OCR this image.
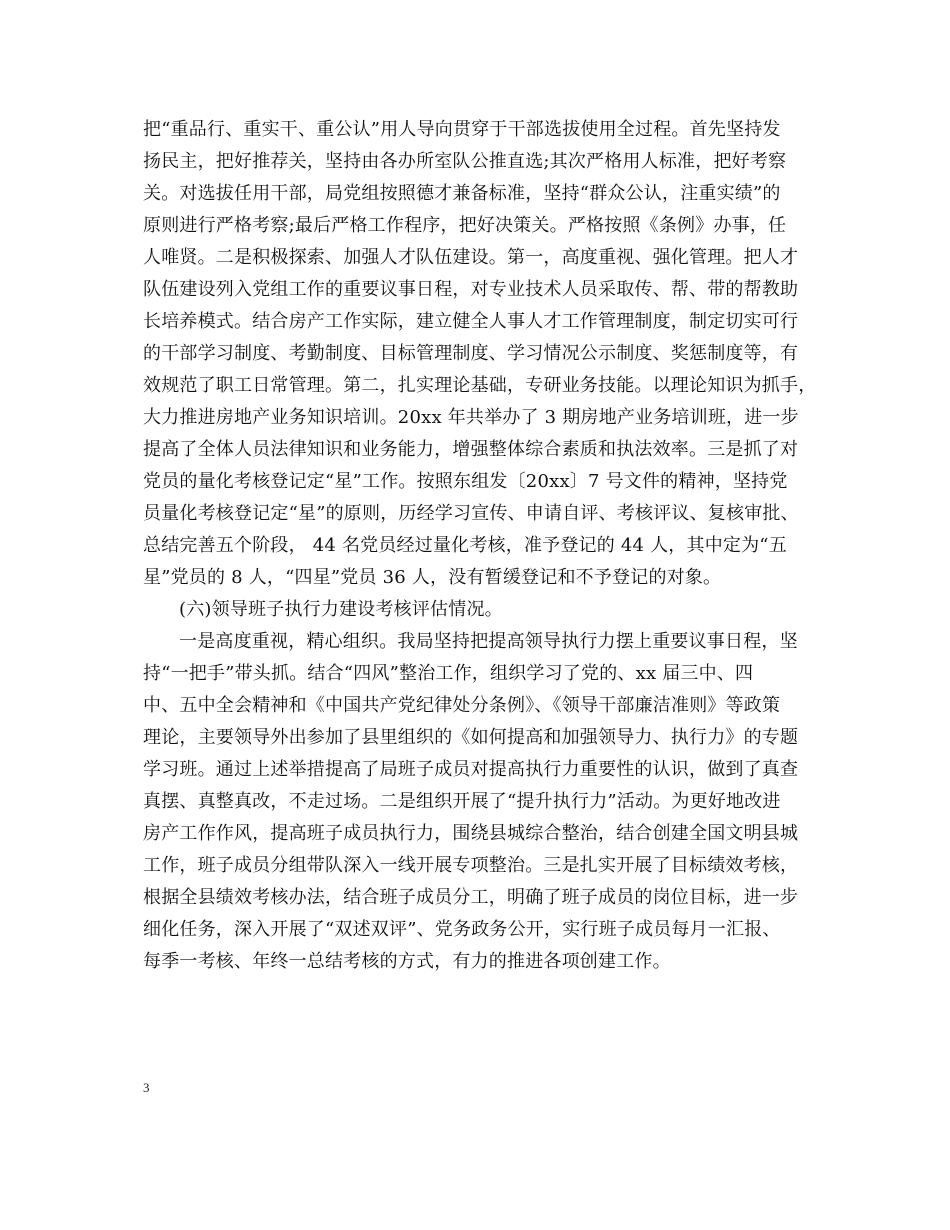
把“重品行、重实干、重公认”用人导向贯穿于干部选拔使用全过程。首先坚持发
扬民主，把好推荐关，坚持由各办所室队公推直选;其次严格用人标准，把好考察
关。对选拔任用干部，局党组按照德才兼备标准，坚持“群众公认，注重实绩”的
原则进行严格考察;最后严格工作程序，把好决策关。严格按照《条例》办事，任
人唯贤。二是积极探索、加强人才队伍建设。第一，高度重视、强化管理。把人才
队伍建设列入党组工作的重要议事日程，对专业技术人员采取传、帮、带的帮教助
长培养模式。结合房产工作实际，建立健全人事人才工作管理制度，制定切实可行
的干部学习制度、考勤制度、目标管理制度、学习情况公示制度、奖惩制度等，有
效规范了职工日常管理。第二，扎实理论基础，专研业务技能。以理论知识为抓手，
大力推进房地产业务知识培训。20xx 年共举办了 3 期房地产业务培训班，进一步
提高了全体人员法律知识和业务能力，增强整体综合素质和执法效率。三是抓了对
党员的量化考核登记定“星”工作。按照东组发〔20xx〕7 号文件的精神，坚持党
员量化考核登记定“星”的原则，历经学习宣传、申请自评、考核评议、复核审批、
总结完善五个阶段， 44 名党员经过量化考核，准予登记的 44 人，其中定为“五
星”党员的 8 人，“四星”党员 36 人，没有暂缓登记和不予登记的对象。
(六)领导班子执行力建设考核评估情况。
一是高度重视，精心组织。我局坚持把提高领导执行力摆上重要议事日程，坚
持“一把手”带头抓。结合“四风”整治工作，组织学习了党的、xx 届三中、四
中、五中全会精神和《中国共产党纪律处分条例》、《领导干部廉洁准则》等政策
理论，主要领导外出参加了县里组织的《如何提高和加强领导力、执行力》的专题
学习班。通过上述举措提高了局班子成员对提高执行力重要性的认识，做到了真查
真摆、真整真改，不走过场。二是组织开展了“提升执行力”活动。为更好地改进
房产工作作风，提高班子成员执行力，围绕县城综合整治，结合创建全国文明县城
工作，班子成员分组带队深入一线开展专项整治。三是扎实开展了目标绩效考核，
根据全县绩效考核办法，结合班子成员分工，明确了班子成员的岗位目标，进一步
细化任务，深入开展了“双述双评”、党务政务公开，实行班子成员每月一汇报、
每季一考核、年终一总结考核的方式，有力的推进各项创建工作。
3
